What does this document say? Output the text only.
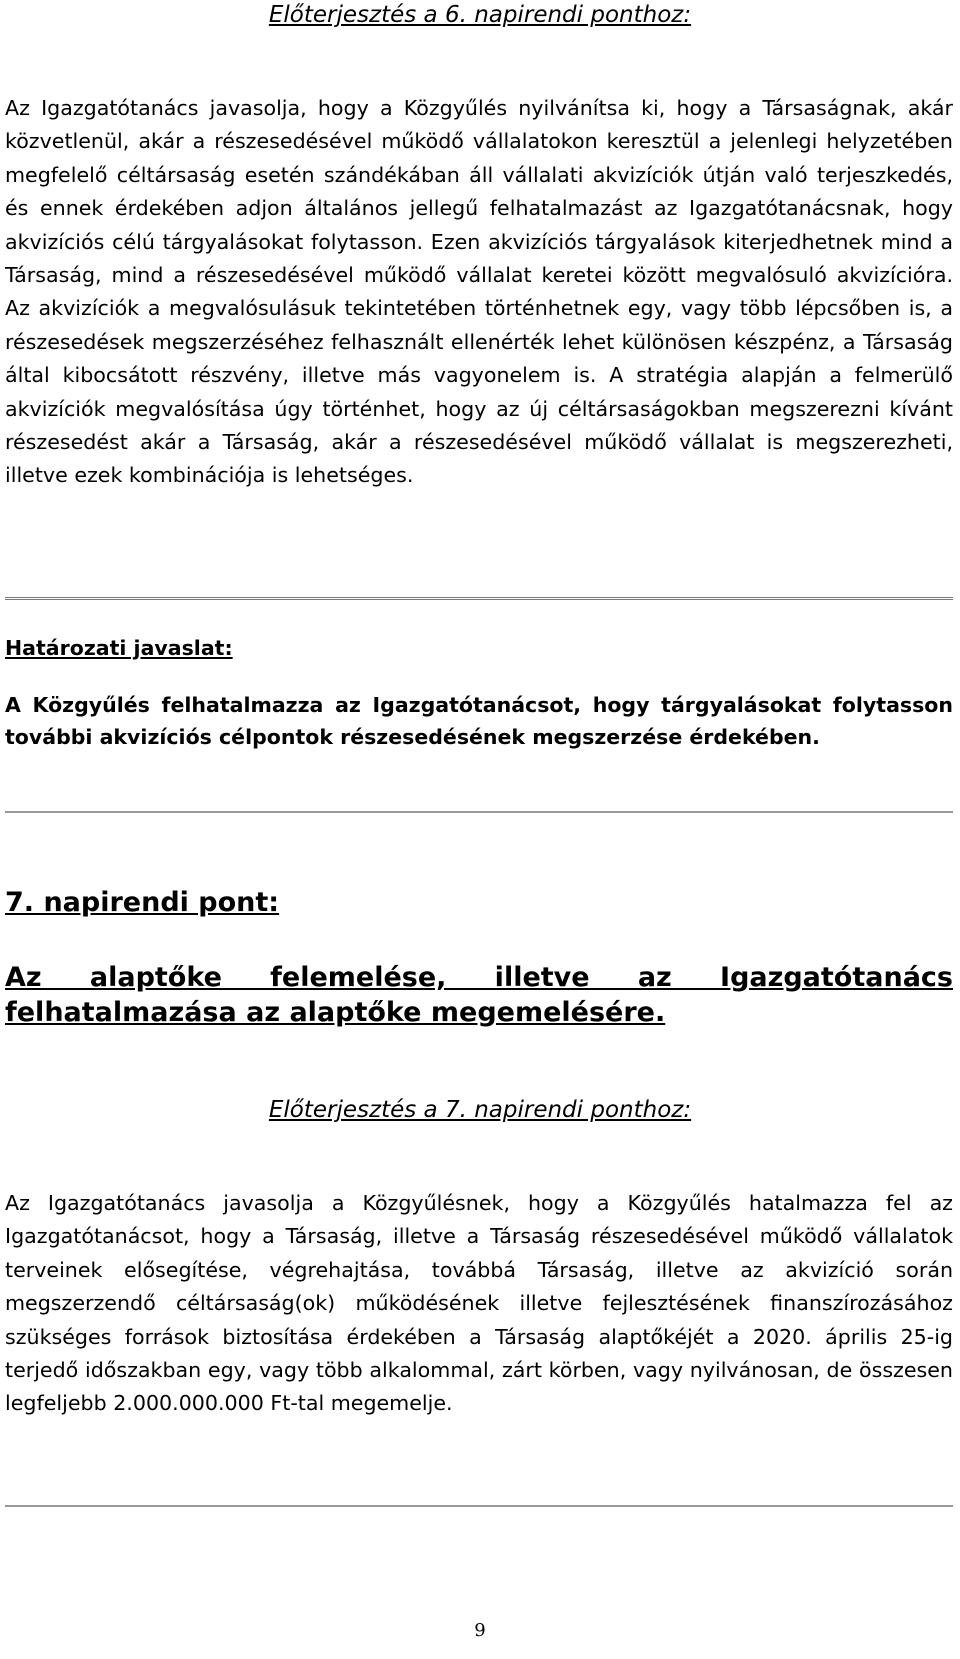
Előterjesztés a 6. napirendi ponthoz:

Az Igazgatótanács javasolja, hogy a Közgyűlés nyilvánítsa ki, hogy a Társaságnak, akár közvetlenül, akár a részesedésével működő vállalatokon keresztül a jelenlegi helyzetében megfelelő céltársaság esetén szándékában áll vállalati akvizíciók útján való terjeszkedés, és ennek érdekében adjon általános jellegű felhatalmazást az Igazgatótanácsnak, hogy akvizíciós célú tárgyalásokat folytasson. Ezen akvizíciós tárgyalások kiterjedhetnek mind a Társaság, mind a részesedésével működő vállalat keretei között megvalósuló akvizícióra. Az akvizíciók a megvalósulásuk tekintetében történhetnek egy, vagy több lépcsőben is, a részesedések megszerzéséhez felhasznált ellenérték lehet különösen készpénz, a Társaság által kibocsátott részvény, illetve más vagyonelem is. A stratégia alapján a felmerülő akvizíciók megvalósítása úgy történhet, hogy az új céltársaságokban megszerezni kívánt részesedést akár a Társaság, akár a részesedésével működő vállalat is megszerezheti, illetve ezek kombinációja is lehetséges.

Határozati javaslat:

A Közgyűlés felhatalmazza az Igazgatótanácsot, hogy tárgyalásokat folytasson további akvizíciós célpontok részesedésének megszerzése érdekében.

7. napirendi pont:

Az alaptőke felemelése, illetve az Igazgatótanács felhatalmazása az alaptőke megemelésére.

Előterjesztés a 7. napirendi ponthoz:

Az Igazgatótanács javasolja a Közgyűlésnek, hogy a Közgyűlés hatalmazza fel az Igazgatótanácsot, hogy a Társaság, illetve a Társaság részesedésével működő vállalatok terveinek elősegítése, végrehajtása, továbbá Társaság, illetve az akvizíció során megszerzendő céltársaság(ok) működésének illetve fejlesztésének finanszírozásához szükséges források biztosítása érdekében a Társaság alaptőkéjét a 2020. április 25-ig terjedő időszakban egy, vagy több alkalommal, zárt körben, vagy nyilvánosan, de összesen legfeljebb 2.000.000.000 Ft-tal megemelje.

9
